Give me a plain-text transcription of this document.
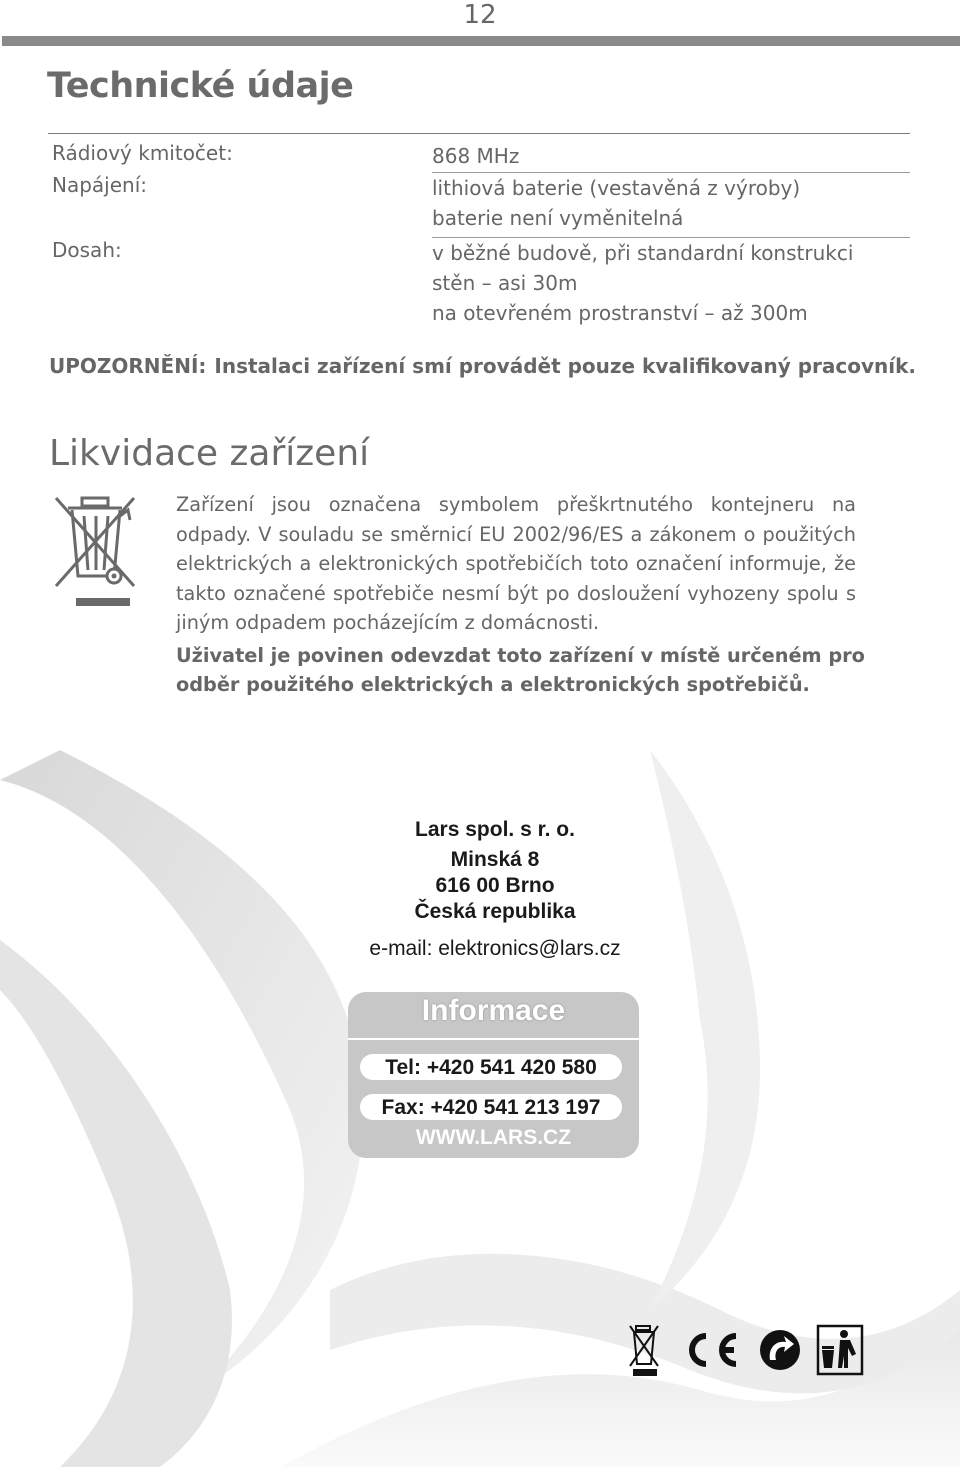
12
Technické údaje
Rádiový kmitočet:	868 MHz
Napájení:	lithiová baterie (vestavěná z výroby)
baterie není vyměnitelná
Dosah:	v běžné budově, při standardní konstrukci
stěn – asi 30m
na otevřeném prostranství – až 300m
UPOZORNĚNÍ: Instalaci zařízení smí provádět pouze kvalifikovaný pracovník.
Likvidace zařízení
Zařízení jsou označena symbolem přeškrtnutého kontejneru na odpady. V souladu se směrnicí EU 2002/96/ES a zákonem o použitých elektrických a elektronických spotřebičích toto označení informuje, že takto označené spotřebiče nesmí být po dosloužení vyhozeny spolu s jiným odpadem pocházejícím z domácnosti.
Uživatel je povinen odevzdat toto zařízení v místě určeném pro odběr použitého elektrických a elektronických spotřebičů.
Lars spol. s r. o.
Minská 8
616 00 Brno
Česká republika
e-mail: elektronics@lars.cz
Informace
Tel: +420 541 420 580
Fax: +420 541 213 197
WWW.LARS.CZ
